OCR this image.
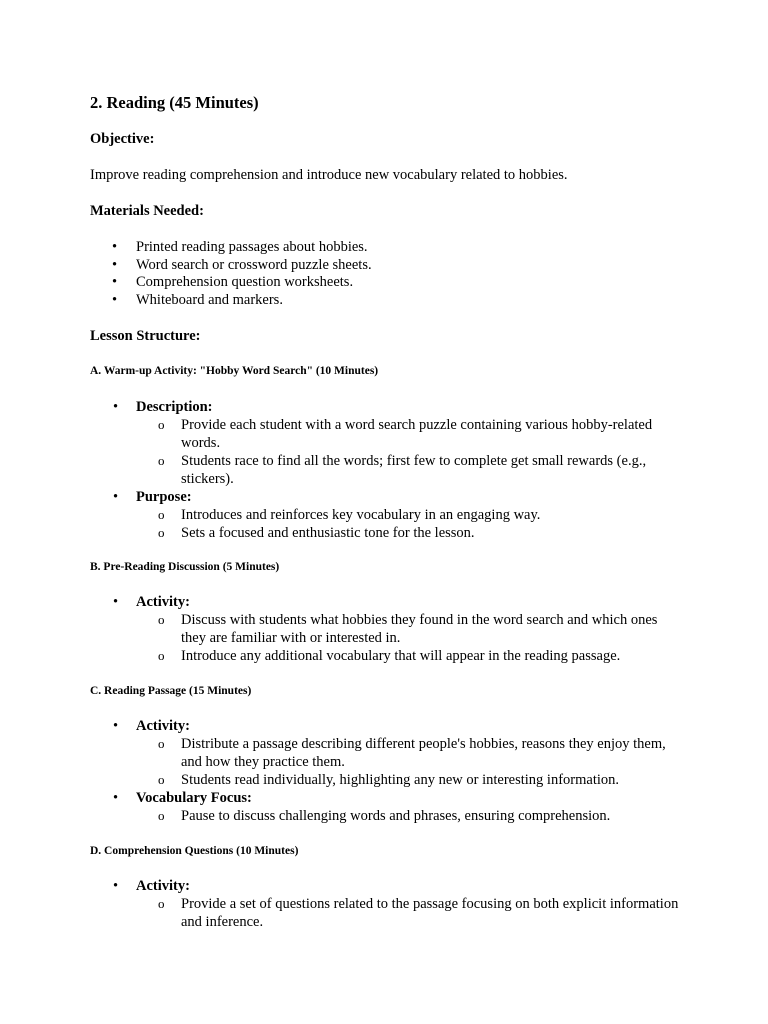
2. Reading (45 Minutes)
Objective:

Improve reading comprehension and introduce new vocabulary related to hobbies.

Materials Needed:
• Printed reading passages about hobbies.
• Word search or crossword puzzle sheets.
• Comprehension question worksheets.
• Whiteboard and markers.
Lesson Structure:
A. Warm-up Activity: "Hobby Word Search" (10 Minutes)
• Description:
o Provide each student with a word search puzzle containing various hobby-related words.
o Students race to find all the words; first few to complete get small rewards (e.g., stickers).
• Purpose:
o Introduces and reinforces key vocabulary in an engaging way.
o Sets a focused and enthusiastic tone for the lesson.
B. Pre-Reading Discussion (5 Minutes)
• Activity:
o Discuss with students what hobbies they found in the word search and which ones they are familiar with or interested in.
o Introduce any additional vocabulary that will appear in the reading passage.
C. Reading Passage (15 Minutes)
• Activity:
o Distribute a passage describing different people's hobbies, reasons they enjoy them, and how they practice them.
o Students read individually, highlighting any new or interesting information.
• Vocabulary Focus:
o Pause to discuss challenging words and phrases, ensuring comprehension.
D. Comprehension Questions (10 Minutes)
• Activity:
o Provide a set of questions related to the passage focusing on both explicit information and inference.
